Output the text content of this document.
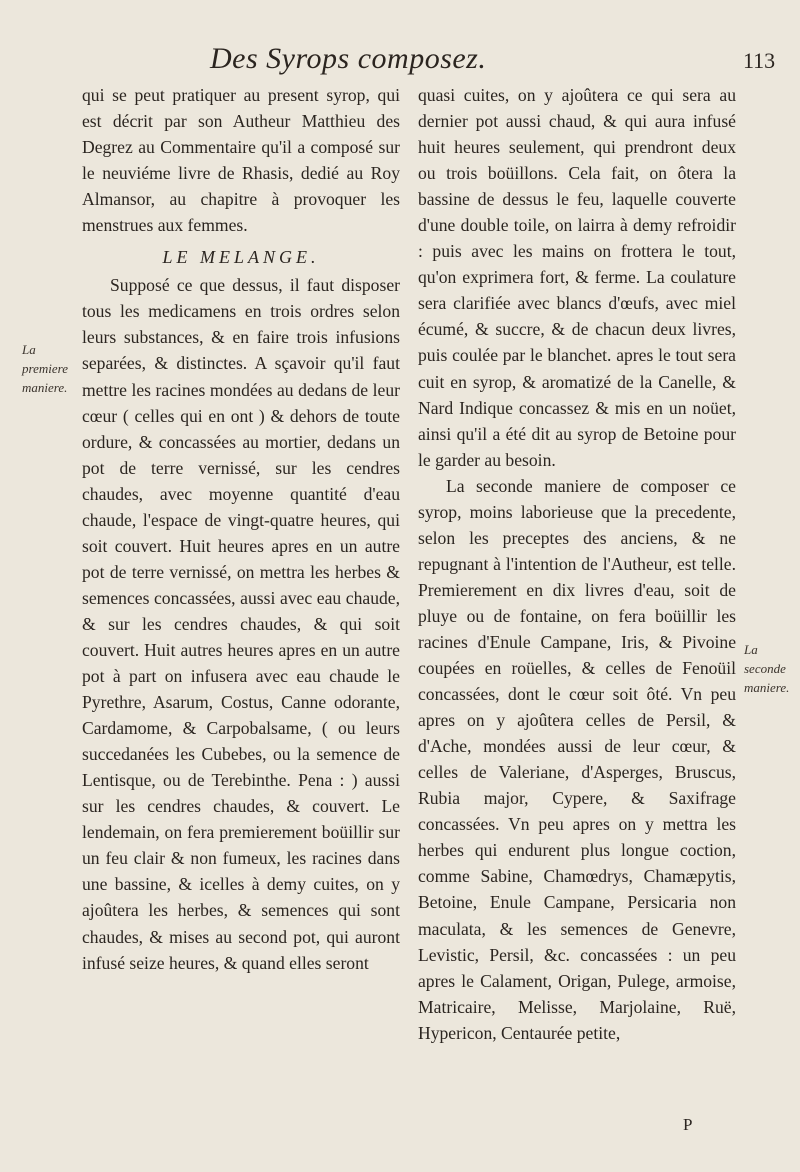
Des Syrops composez.	113

qui se peut pratiquer au present syrop, qui est décrit par son Autheur Matthieu des Degrez au Commentaire qu'il a composé sur le neuviéme livre de Rhasis, dedié au Roy Almansor, au chapitre à provoquer les menstrues aux femmes.

LE MELANGE.

Supposé ce que dessus, il faut disposer tous les medicamens en trois ordres selon leurs substances, & en faire trois infusions separées, & distinctes. A sçavoir qu'il faut mettre les racines mondées au dedans de leur cœur ( celles qui en ont ) & dehors de toute ordure, & concassées au mortier, dedans un pot de terre vernissé, sur les cendres chaudes, avec moyenne quantité d'eau chaude, l'espace de vingt-quatre heures, qui soit couvert. Huit heures apres en un autre pot de terre vernissé, on mettra les herbes & semences concassées, aussi avec eau chaude, & sur les cendres chaudes, & qui soit couvert. Huit autres heures apres en un autre pot à part on infusera avec eau chaude le Pyrethre, Asarum, Costus, Canne odorante, Cardamome, & Carpobalsame, ( ou leurs succedanées les Cubebes, ou la semence de Lentisque, ou de Terebinthe. Pena : ) aussi sur les cendres chaudes, & couvert. Le lendemain, on fera premierement boüillir sur un feu clair & non fumeux, les racines dans une bassine, & icelles à demy cuites, on y ajoûtera les herbes, & semences qui sont chaudes, & mises au second pot, qui auront infusé seize heures, & quand elles seront

quasi cuites, on y ajoûtera ce qui sera au dernier pot aussi chaud, & qui aura infusé huit heures seulement, qui prendront deux ou trois boüillons. Cela fait, on ôtera la bassine de dessus le feu, laquelle couverte d'une double toile, on lairra à demy refroidir : puis avec les mains on frottera le tout, qu'on exprimera fort, & ferme. La coulature sera clarifiée avec blancs d'œufs, avec miel écumé, & succre, & de chacun deux livres, puis coulée par le blanchet. apres le tout sera cuit en syrop, & aromatizé de la Canelle, & Nard Indique concassez & mis en un noüet, ainsi qu'il a été dit au syrop de Betoine pour le garder au besoin.

La seconde maniere de composer ce syrop, moins laborieuse que la precedente, selon les preceptes des anciens, & ne repugnant à l'intention de l'Autheur, est telle. Premierement en dix livres d'eau, soit de pluye ou de fontaine, on fera boüillir les racines d'Enule Campane, Iris, & Pivoine coupées en roüelles, & celles de Fenoüil concassées, dont le cœur soit ôté. Vn peu apres on y ajoûtera celles de Persil, & d'Ache, mondées aussi de leur cœur, & celles de Valeriane, d'Asperges, Bruscus, Rubia major, Cypere, & Saxifrage concassées. Vn peu apres on y mettra les herbes qui endurent plus longue coction, comme Sabine, Chamœdrys, Chamæpytis, Betoine, Enule Campane, Persicaria non maculata, & les semences de Genevre, Levistic, Persil, &c. concassées : un peu apres le Calament, Origan, Pulege, armoise, Matricaire, Melisse, Marjolaine, Ruë, Hypericon, Centaurée petite,

La premiere maniere.
La seconde maniere.
P
